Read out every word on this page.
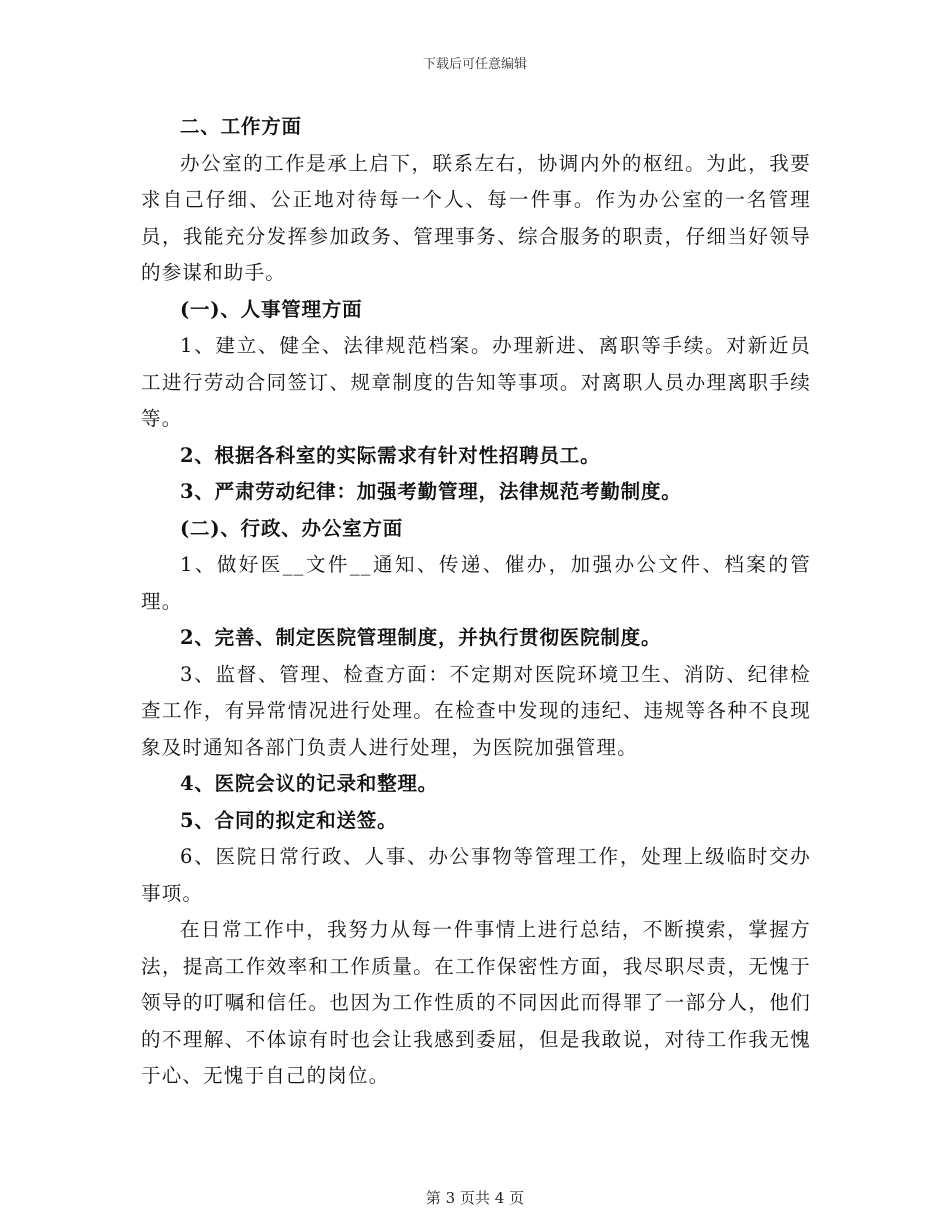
下载后可任意编辑

二、工作方面

办公室的工作是承上启下，联系左右，协调内外的枢纽。为此，我要求自己仔细、公正地对待每一个人、每一件事。作为办公室的一名管理员，我能充分发挥参加政务、管理事务、综合服务的职责，仔细当好领导的参谋和助手。

(一)、人事管理方面

1、建立、健全、法律规范档案。办理新进、离职等手续。对新近员工进行劳动合同签订、规章制度的告知等事项。对离职人员办理离职手续等。

2、根据各科室的实际需求有针对性招聘员工。

3、严肃劳动纪律：加强考勤管理，法律规范考勤制度。

(二)、行政、办公室方面

1、做好医__文件__通知、传递、催办，加强办公文件、档案的管理。

2、完善、制定医院管理制度，并执行贯彻医院制度。

3、监督、管理、检查方面：不定期对医院环境卫生、消防、纪律检查工作，有异常情况进行处理。在检查中发现的违纪、违规等各种不良现象及时通知各部门负责人进行处理，为医院加强管理。

4、医院会议的记录和整理。

5、合同的拟定和送签。

6、医院日常行政、人事、办公事物等管理工作，处理上级临时交办事项。

在日常工作中，我努力从每一件事情上进行总结，不断摸索，掌握方法，提高工作效率和工作质量。在工作保密性方面，我尽职尽责，无愧于领导的叮嘱和信任。也因为工作性质的不同因此而得罪了一部分人，他们的不理解、不体谅有时也会让我感到委屈，但是我敢说，对待工作我无愧于心、无愧于自己的岗位。

第 3 页共 4 页
